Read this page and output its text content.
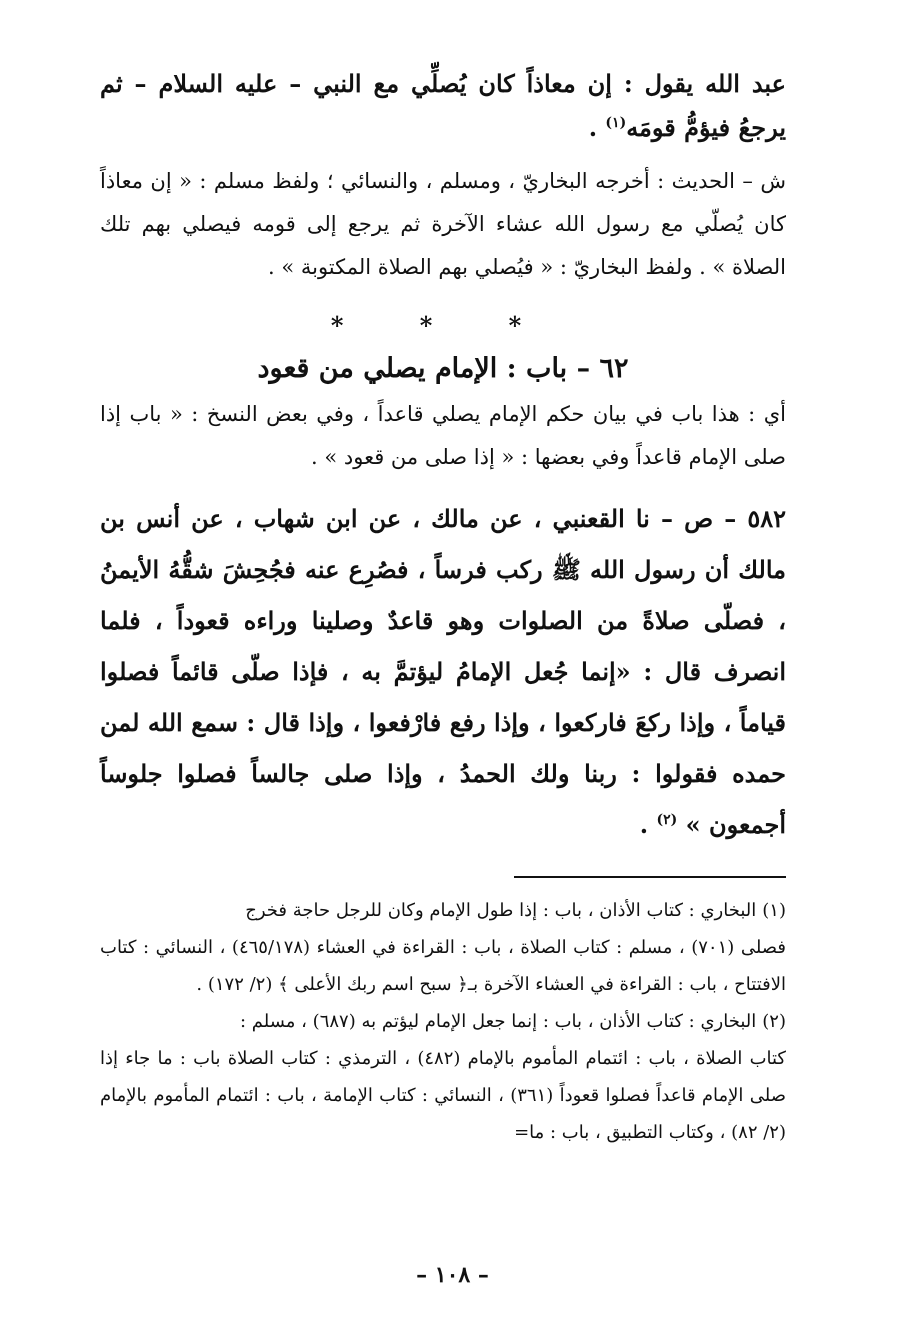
عبد الله يقول : إن معاذاً كان يُصلِّي مع النبي – عليه السلام – ثم يرجعُ فيؤمُّ قومَه$^{(١)}$ .

ش – الحديث : أخرجه البخاريّ ، ومسلم ، والنسائي ؛ ولفظ مسلم : « إن معاذاً كان يُصلّي مع رسول الله عشاء الآخرة ثم يرجع إلى قومه فيصلي بهم تلك الصلاة » . ولفظ البخاريّ : « فيُصلي بهم الصلاة المكتوبة » .

* * *
٦٢ – باب : الإمام يصلي من قعود

أي : هذا باب في بيان حكم الإمام يصلي قاعداً ، وفي بعض النسخ : « باب إذا صلى الإمام قاعداً وفي بعضها : « إذا صلى من قعود » .

٥٨٢ – ص – نا القعنبي ، عن مالك ، عن ابن شهاب ، عن أنس بن مالك أن رسول الله ﷺ ركب فرساً ، فصُرِع عنه فجُحِشَ شقُّهُ الأيمنُ ، فصلّى صلاةً من الصلوات وهو قاعدٌ وصلينا وراءه قعوداً ، فلما انصرف قال : «إنما جُعل الإمامُ ليؤتمَّ به ، فإذا صلّى قائماً فصلوا قياماً ، وإذا ركعَ فاركعوا ، وإذا رفع فارْفعوا ، وإذا قال : سمع الله لمن حمده فقولوا : ربنا ولك الحمدُ ، وإذا صلى جالساً فصلوا جلوساً أجمعون » $^{(٢)}$ .

(١)البخاري : كتاب الأذان ، باب : إذا طول الإمام وكان للرجل حاجة فخرج

فصلى (٧٠١) ، مسلم : كتاب الصلاة ، باب : القراءة في العشاء (٤٦٥/١٧٨) ، النسائي : كتاب الافتتاح ، باب : القراءة في العشاء الآخرة بـ﴿ سبح اسم ربك الأعلى ﴾ (٢/ ١٧٢) .

(٢)البخاري : كتاب الأذان ، باب : إنما جعل الإمام ليؤتم به (٦٨٧) ، مسلم :

كتاب الصلاة ، باب : ائتمام المأموم بالإمام (٤٨٢) ، الترمذي : كتاب الصلاة باب : ما جاء إذا صلى الإمام قاعداً فصلوا قعوداً (٣٦١) ، النسائي : كتاب الإمامة ، باب : ائتمام المأموم بالإمام (٢/ ٨٢) ، وكتاب التطبيق ، باب : ما=

– ١٠٨ –
